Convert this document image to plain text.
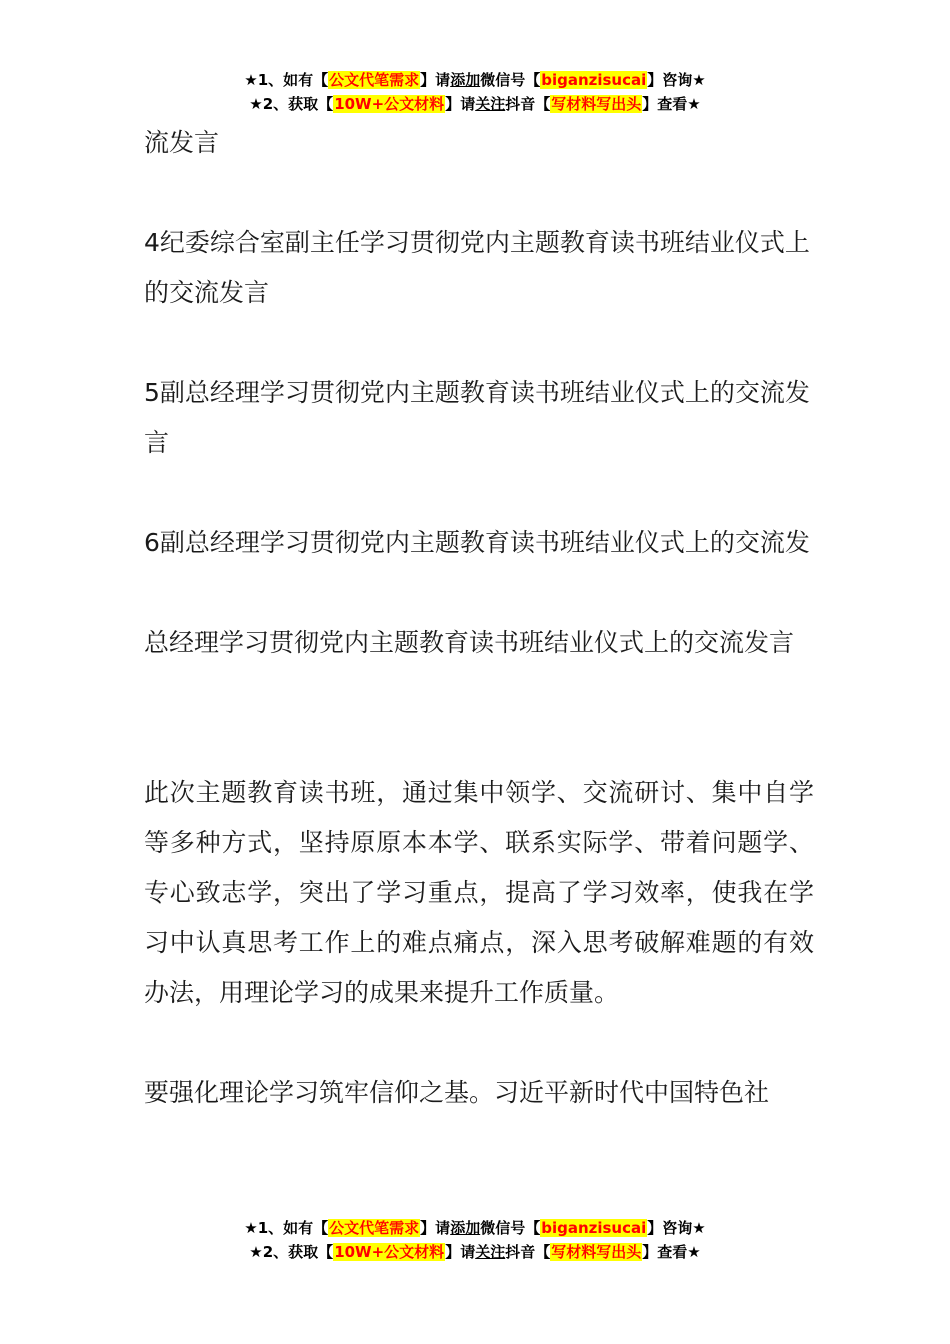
★1、如有【公文代笔需求】请添加微信号【biganzisucai】咨询★
★2、获取【10W+公文材料】请关注抖音【写材料写出头】查看★

流发言

4纪委综合室副主任学习贯彻党内主题教育读书班结业仪式上的交流发言

5副总经理学习贯彻党内主题教育读书班结业仪式上的交流发言

6副总经理学习贯彻党内主题教育读书班结业仪式上的交流发

总经理学习贯彻党内主题教育读书班结业仪式上的交流发言

此次主题教育读书班，通过集中领学、交流研讨、集中自学等多种方式，坚持原原本本学、联系实际学、带着问题学、专心致志学，突出了学习重点，提高了学习效率，使我在学习中认真思考工作上的难点痛点，深入思考破解难题的有效办法，用理论学习的成果来提升工作质量。

要强化理论学习筑牢信仰之基。习近平新时代中国特色社

★1、如有【公文代笔需求】请添加微信号【biganzisucai】咨询★
★2、获取【10W+公文材料】请关注抖音【写材料写出头】查看★
